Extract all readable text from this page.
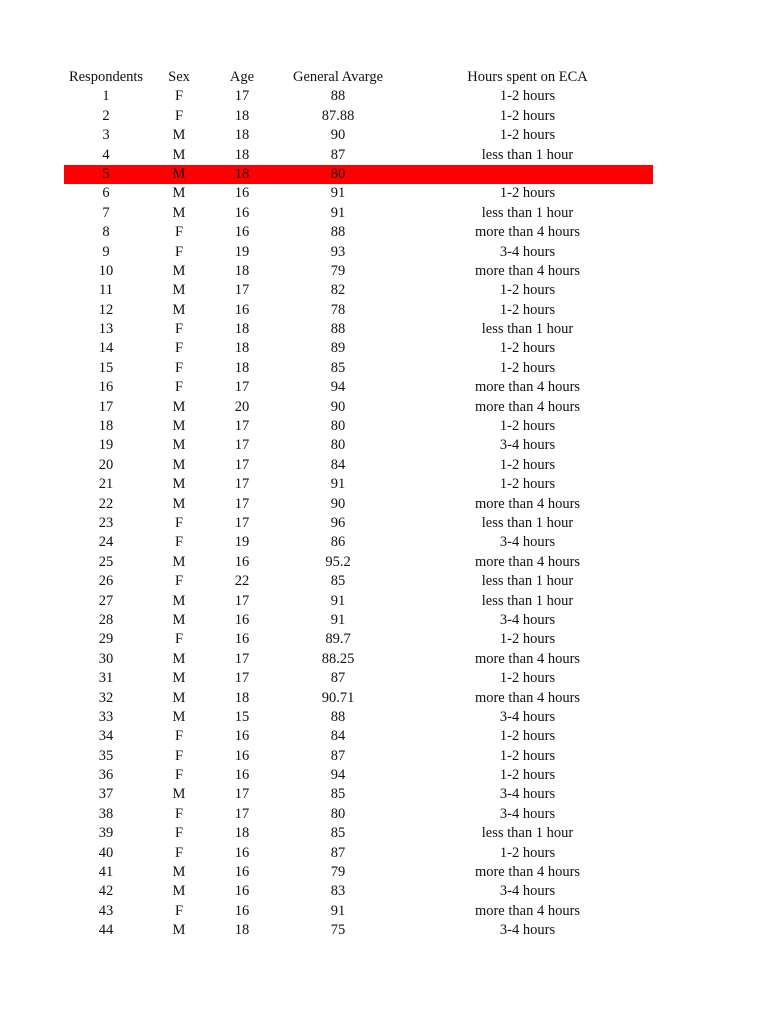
Respondents	Sex	Age	General Avarge	Hours spent on ECA
1	F	17	88	1-2 hours
2	F	18	87.88	1-2 hours
3	M	18	90	1-2 hours
4	M	18	87	less than 1 hour
5	M	18	80
6	M	16	91	1-2 hours
7	M	16	91	less than 1 hour
8	F	16	88	more than 4 hours
9	F	19	93	3-4 hours
10	M	18	79	more than 4 hours
11	M	17	82	1-2 hours
12	M	16	78	1-2 hours
13	F	18	88	less than 1 hour
14	F	18	89	1-2 hours
15	F	18	85	1-2 hours
16	F	17	94	more than 4 hours
17	M	20	90	more than 4 hours
18	M	17	80	1-2 hours
19	M	17	80	3-4 hours
20	M	17	84	1-2 hours
21	M	17	91	1-2 hours
22	M	17	90	more than 4 hours
23	F	17	96	less than 1 hour
24	F	19	86	3-4 hours
25	M	16	95.2	more than 4 hours
26	F	22	85	less than 1 hour
27	M	17	91	less than 1 hour
28	M	16	91	3-4 hours
29	F	16	89.7	1-2 hours
30	M	17	88.25	more than 4 hours
31	M	17	87	1-2 hours
32	M	18	90.71	more than 4 hours
33	M	15	88	3-4 hours
34	F	16	84	1-2 hours
35	F	16	87	1-2 hours
36	F	16	94	1-2 hours
37	M	17	85	3-4 hours
38	F	17	80	3-4 hours
39	F	18	85	less than 1 hour
40	F	16	87	1-2 hours
41	M	16	79	more than 4 hours
42	M	16	83	3-4 hours
43	F	16	91	more than 4 hours
44	M	18	75	3-4 hours
